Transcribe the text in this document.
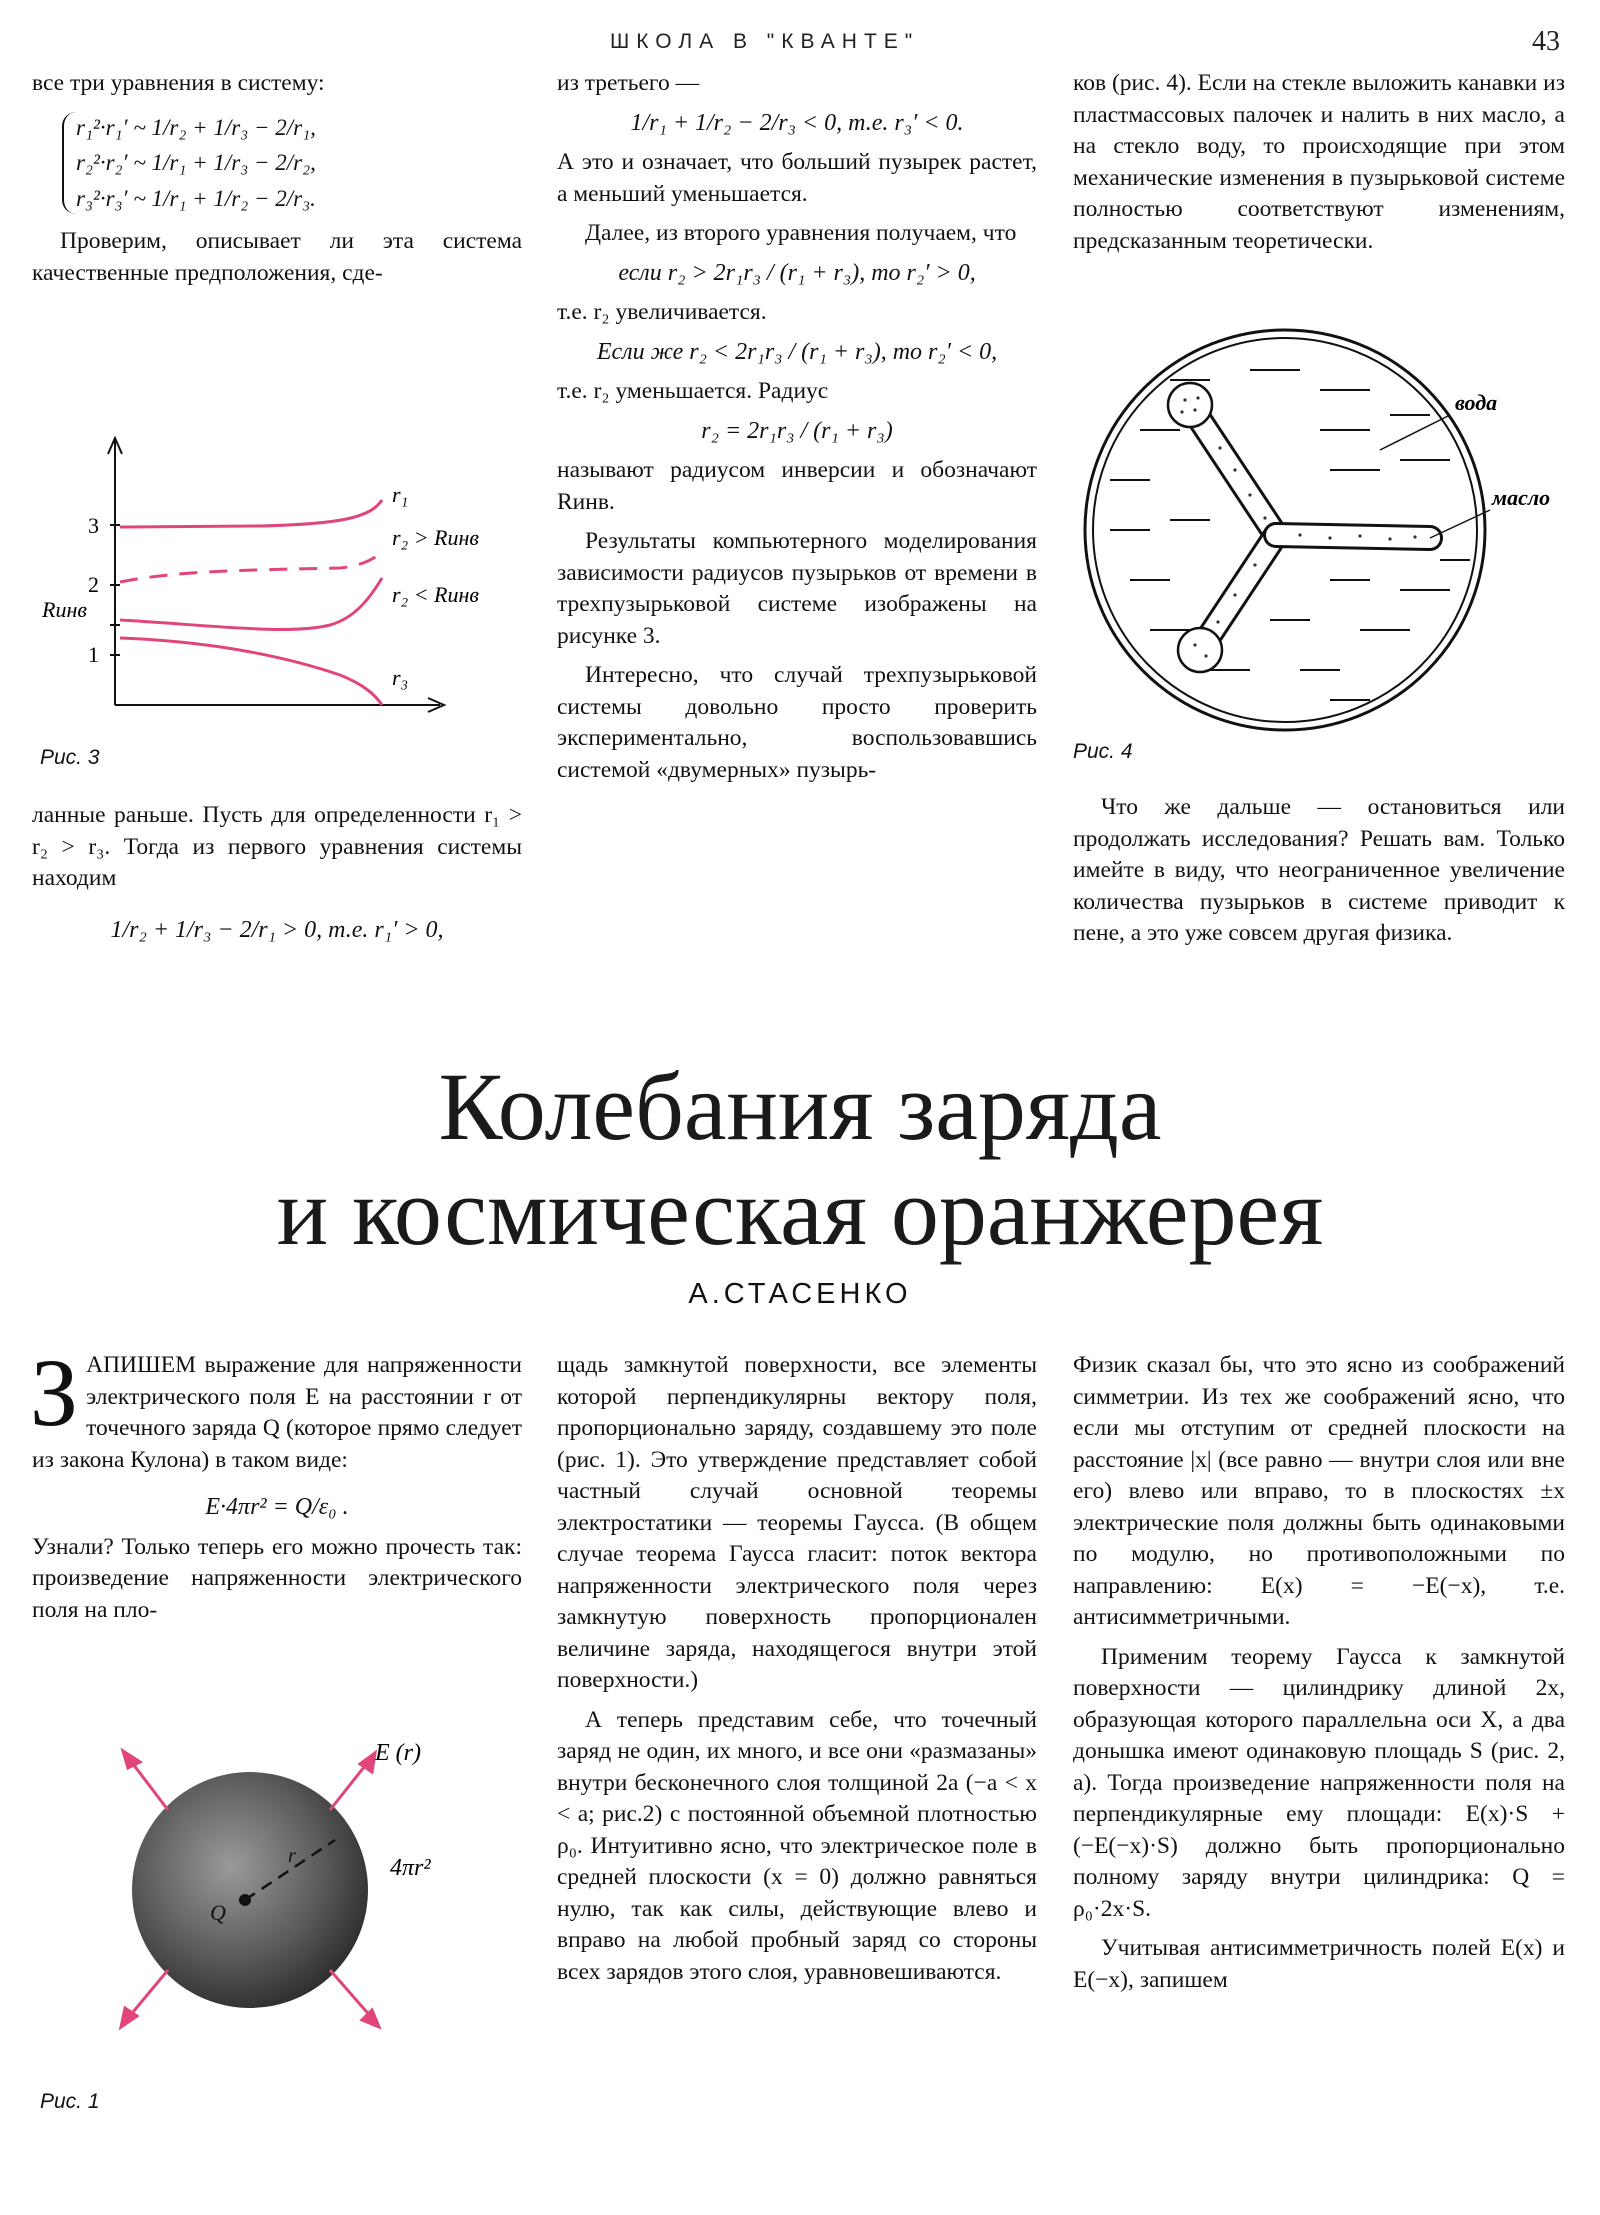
ШКОЛА В "КВАНТЕ"	43

все три уравнения в систему:

r₁²·r₁′ ~ 1/r₂ + 1/r₃ − 2/r₁,
r₂²·r₂′ ~ 1/r₁ + 1/r₃ − 2/r₂,
r₃²·r₃′ ~ 1/r₁ + 1/r₂ − 2/r₃.

Проверим, описывает ли эта система качественные предположения, сде-

3
2
1
Rинв
r₁
r₂ > Rинв
r₂ < Rинв
r₃
Рис. 3

ланные раньше. Пусть для определенности r₁ > r₂ > r₃. Тогда из первого уравнения системы находим

1/r₂ + 1/r₃ − 2/r₁ > 0, т.е. r₁′ > 0,

из третьего —

1/r₁ + 1/r₂ − 2/r₃ < 0, т.е. r₃′ < 0.

А это и означает, что больший пузырек растет, а меньший уменьшается.

Далее, из второго уравнения получаем, что

если r₂ > 2r₁r₃ / (r₁ + r₃), то r₂′ > 0,

т.е. r₂ увеличивается.

Если же r₂ < 2r₁r₃ / (r₁ + r₃), то r₂′ < 0,

т.е. r₂ уменьшается. Радиус

r₂ = 2r₁r₃ / (r₁ + r₃)

называют радиусом инверсии и обозначают Rинв.

Результаты компьютерного моделирования зависимости радиусов пузырьков от времени в трехпузырьковой системе изображены на рисунке 3.

Интересно, что случай трехпузырьковой системы довольно просто проверить экспериментально, воспользовавшись системой «двумерных» пузырь-

ков (рис. 4). Если на стекле выложить канавки из пластмассовых палочек и налить в них масло, а на стекло воду, то происходящие при этом механические изменения в пузырьковой системе полностью соответствуют изменениям, предсказанным теоретически.

вода
масло
Рис. 4

Что же дальше — остановиться или продолжать исследования? Решать вам. Только имейте в виду, что неограниченное увеличение количества пузырьков в системе приводит к пене, а это уже совсем другая физика.

Колебания заряда
и космическая оранжерея
А.СТАСЕНКО

ЗАПИШЕМ выражение для напряженности электрического поля E на расстоянии r от точечного заряда Q (которое прямо следует из закона Кулона) в таком виде:

E·4πr² = Q/ε₀ .

Узнали? Только теперь его можно прочесть так: произведение напряженности электрического поля на пло-

E (r)
4πr²
Q
r
Рис. 1

щадь замкнутой поверхности, все элементы которой перпендикулярны вектору поля, пропорционально заряду, создавшему это поле (рис. 1). Это утверждение представляет собой частный случай основной теоремы электростатики — теоремы Гаусса. (В общем случае теорема Гаусса гласит: поток вектора напряженности электрического поля через замкнутую поверхность пропорционален величине заряда, находящегося внутри этой поверхности.)

А теперь представим себе, что точечный заряд не один, их много, и все они «размазаны» внутри бесконечного слоя толщиной 2a (−a < x < a; рис.2) с постоянной объемной плотностью ρ₀. Интуитивно ясно, что электрическое поле в средней плоскости (x = 0) должно равняться нулю, так как силы, действующие влево и вправо на любой пробный заряд со стороны всех зарядов этого слоя, уравновешиваются.

Физик сказал бы, что это ясно из соображений симметрии. Из тех же соображений ясно, что если мы отступим от средней плоскости на расстояние |x| (все равно — внутри слоя или вне его) влево или вправо, то в плоскостях ±x электрические поля должны быть одинаковыми по модулю, но противоположными по направлению: E(x) = −E(−x), т.е. антисимметричными.

Применим теорему Гаусса к замкнутой поверхности — цилиндрику длиной 2x, образующая которого параллельна оси X, а два донышка имеют одинаковую площадь S (рис. 2, a). Тогда произведение напряженности поля на перпендикулярные ему площади: E(x)·S + (−E(−x)·S) должно быть пропорционально полному заряду внутри цилиндрика: Q = ρ₀·2x·S.

Учитывая антисимметричность полей E(x) и E(−x), запишем
